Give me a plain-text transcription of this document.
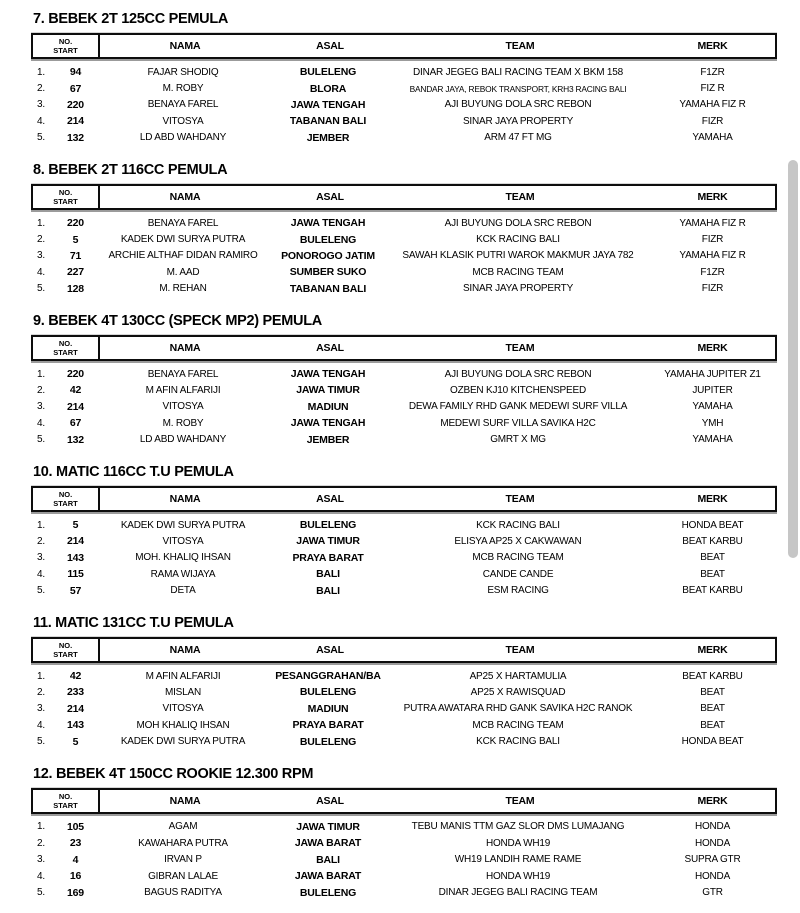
7. BEBEK 2T 125CC PEMULA
NO.
START	NAMA	ASAL	TEAM	MERK
1.	94	FAJAR SHODIQ	BULELENG	DINAR JEGEG BALI RACING TEAM X BKM 158	F1ZR
2.	67	M. ROBY	BLORA	BANDAR JAYA, REBOK TRANSPORT, KRH3 RACING BALI	FIZ R
3.	220	BENAYA FAREL	JAWA TENGAH	AJI BUYUNG DOLA SRC REBON	YAMAHA FIZ R
4.	214	VITOSYA	TABANAN BALI	SINAR JAYA PROPERTY	FIZR
5.	132	LD ABD WAHDANY	JEMBER	ARM 47 FT MG	YAMAHA
8. BEBEK 2T 116CC PEMULA
NO.
START	NAMA	ASAL	TEAM	MERK
1.	220	BENAYA FAREL	JAWA TENGAH	AJI BUYUNG DOLA SRC REBON	YAMAHA FIZ R
2.	5	KADEK DWI SURYA PUTRA	BULELENG	KCK RACING BALI	FIZR
3.	71	ARCHIE ALTHAF DIDAN RAMIRO	PONOROGO JATIM	SAWAH KLASIK PUTRI WAROK MAKMUR JAYA 782	YAMAHA FIZ R
4.	227	M. AAD	SUMBER SUKO	MCB RACING TEAM	F1ZR
5.	128	M. REHAN	TABANAN BALI	SINAR JAYA PROPERTY	FIZR
9. BEBEK 4T 130CC (SPECK MP2) PEMULA
NO.
START	NAMA	ASAL	TEAM	MERK
1.	220	BENAYA FAREL	JAWA TENGAH	AJI BUYUNG DOLA SRC REBON	YAMAHA JUPITER Z1
2.	42	M AFIN ALFARIJI	JAWA TIMUR	OZBEN KJ10 KITCHENSPEED	JUPITER
3.	214	VITOSYA	MADIUN	DEWA FAMILY RHD GANK MEDEWI SURF VILLA	YAMAHA
4.	67	M. ROBY	JAWA TENGAH	MEDEWI SURF VILLA SAVIKA H2C	YMH
5.	132	LD ABD WAHDANY	JEMBER	GMRT X MG	YAMAHA
10. MATIC 116CC T.U PEMULA
NO.
START	NAMA	ASAL	TEAM	MERK
1.	5	KADEK DWI SURYA PUTRA	BULELENG	KCK RACING BALI	HONDA BEAT
2.	214	VITOSYA	JAWA TIMUR	ELISYA AP25 X CAKWAWAN	BEAT KARBU
3.	143	MOH. KHALIQ IHSAN	PRAYA BARAT	MCB RACING TEAM	BEAT
4.	115	RAMA WIJAYA	BALI	CANDE CANDE	BEAT
5.	57	DETA	BALI	ESM RACING	BEAT KARBU
11. MATIC 131CC T.U PEMULA
NO.
START	NAMA	ASAL	TEAM	MERK
1.	42	M AFIN ALFARIJI	PESANGGRAHAN/BA	AP25 X HARTAMULIA	BEAT KARBU
2.	233	MISLAN	BULELENG	AP25 X RAWISQUAD	BEAT
3.	214	VITOSYA	MADIUN	PUTRA AWATARA RHD GANK SAVIKA H2C RANOK	BEAT
4.	143	MOH KHALIQ IHSAN	PRAYA BARAT	MCB RACING TEAM	BEAT
5.	5	KADEK DWI SURYA PUTRA	BULELENG	KCK RACING BALI	HONDA BEAT
12. BEBEK 4T 150CC ROOKIE 12.300 RPM
NO.
START	NAMA	ASAL	TEAM	MERK
1.	105	AGAM	JAWA TIMUR	TEBU MANIS TTM GAZ SLOR DMS LUMAJANG	HONDA
2.	23	KAWAHARA PUTRA	JAWA BARAT	HONDA WH19	HONDA
3.	4	IRVAN P	BALI	WH19 LANDIH RAME RAME	SUPRA GTR
4.	16	GIBRAN LALAE	JAWA BARAT	HONDA WH19	HONDA
5.	169	BAGUS RADITYA	BULELENG	DINAR JEGEG BALI RACING TEAM	GTR
